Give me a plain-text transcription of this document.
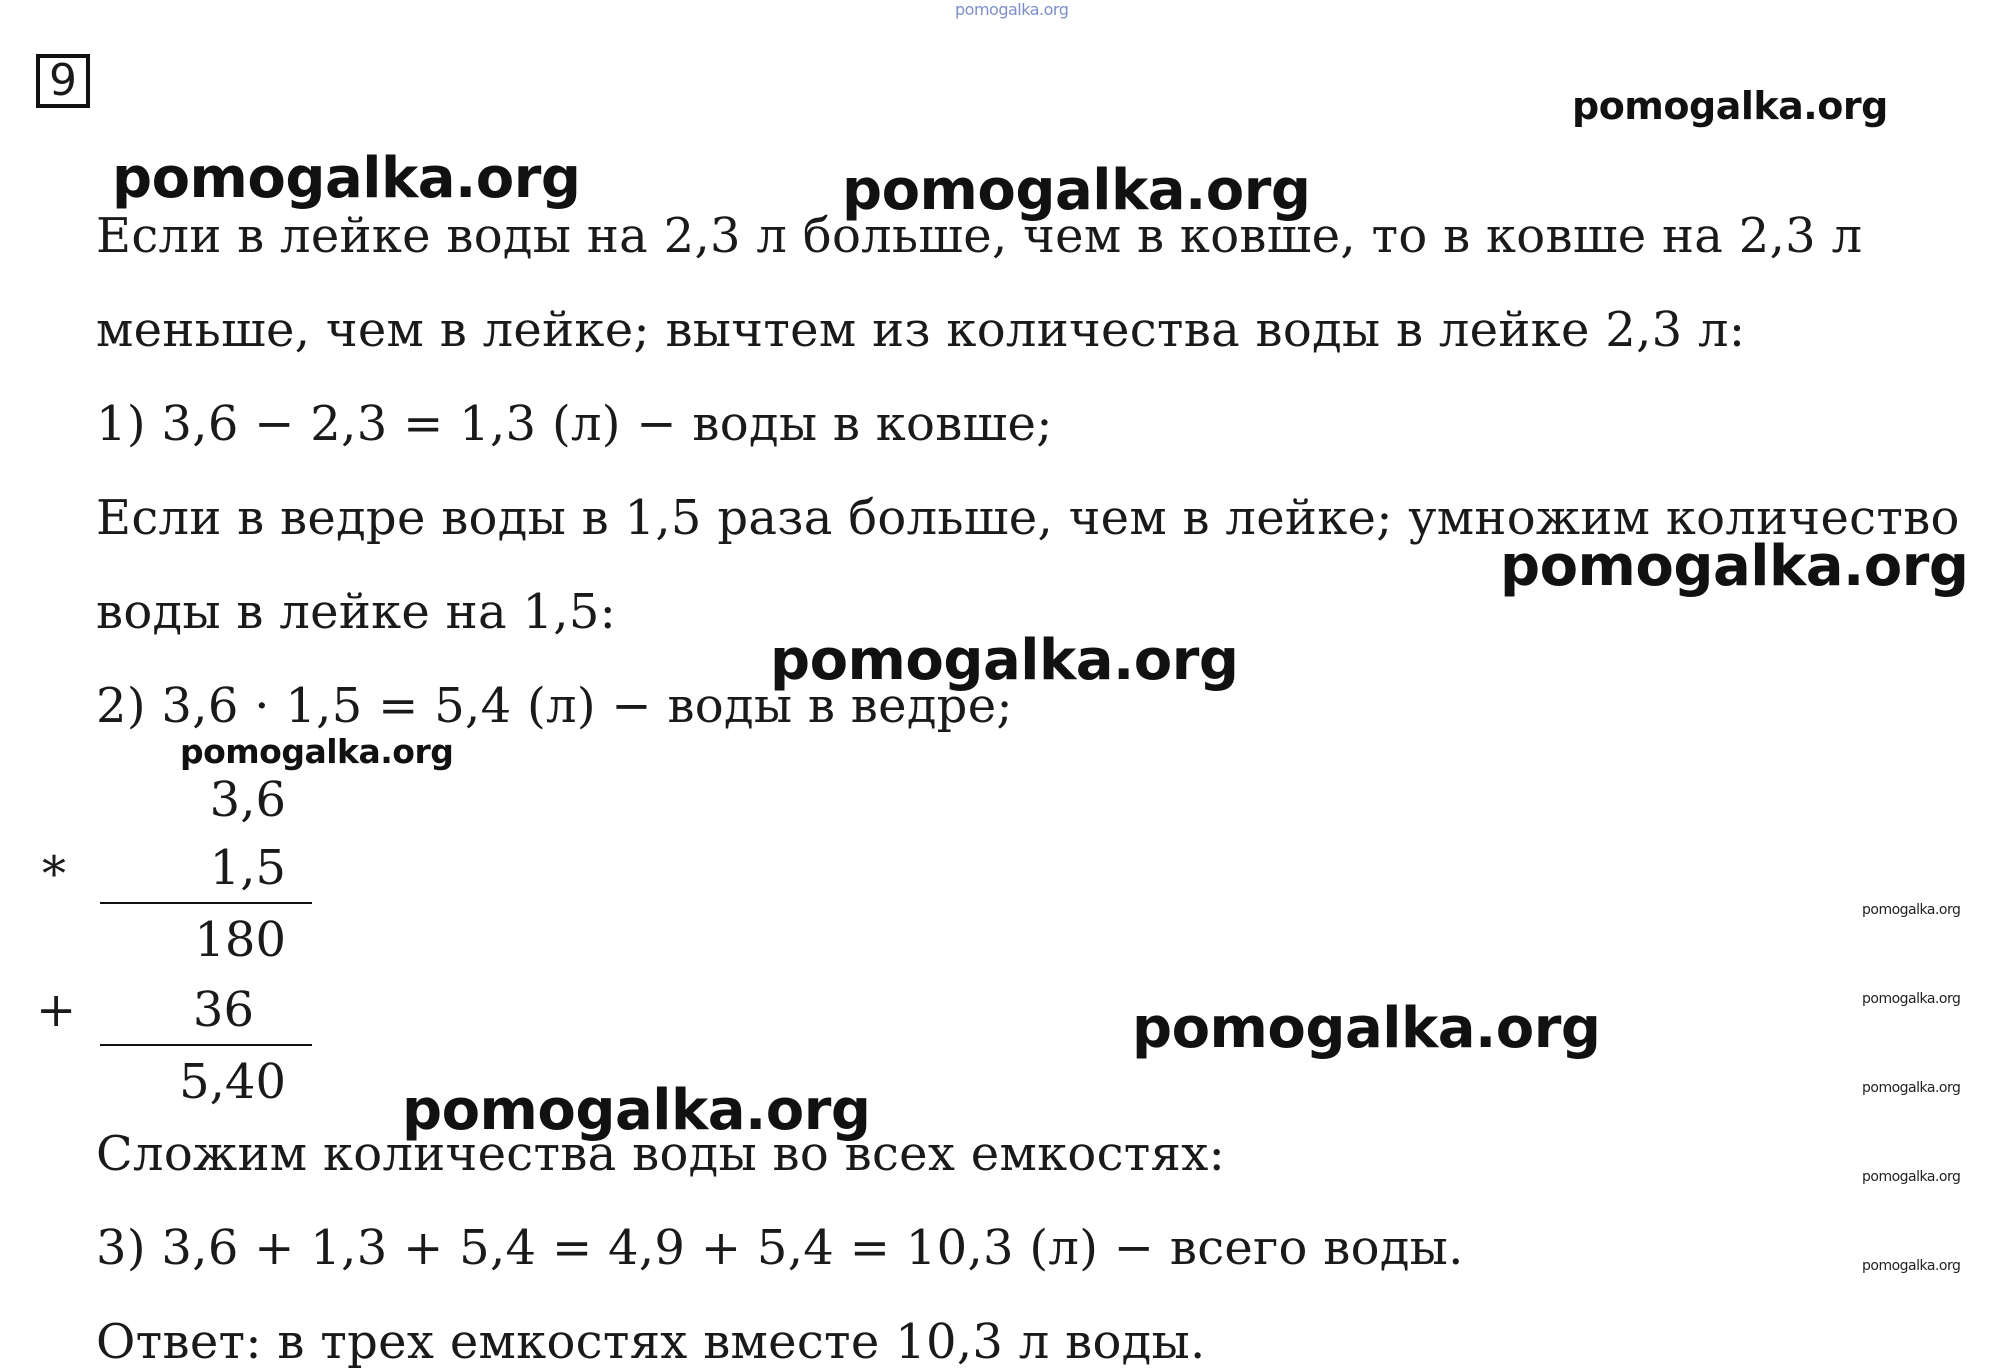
pomogalka.org
9	pomogalka.org
pomogalka.org	pomogalka.org
Если в лейке воды на 2,3 л больше, чем в ковше, то в ковше на 2,3 л
меньше, чем в лейке; вычтем из количества воды в лейке 2,3 л:
1) 3,6 − 2,3 = 1,3 (л) − воды в ковше;
Если в ведре воды в 1,5 раза больше, чем в лейке; умножим количество
pomogalka.org
воды в лейке на 1,5:
pomogalka.org
2) 3,6 · 1,5 = 5,4 (л) − воды в ведре;
pomogalka.org
3,6
*	1,5
180
+	36
5,40
pomogalka.org
pomogalka.org
pomogalka.org
pomogalka.org
pomogalka.org
pomogalka.org
pomogalka.org
Сложим количества воды во всех емкостях:
3) 3,6 + 1,3 + 5,4 = 4,9 + 5,4 = 10,3 (л) − всего воды.
Ответ: в трех емкостях вместе 10,3 л воды.
